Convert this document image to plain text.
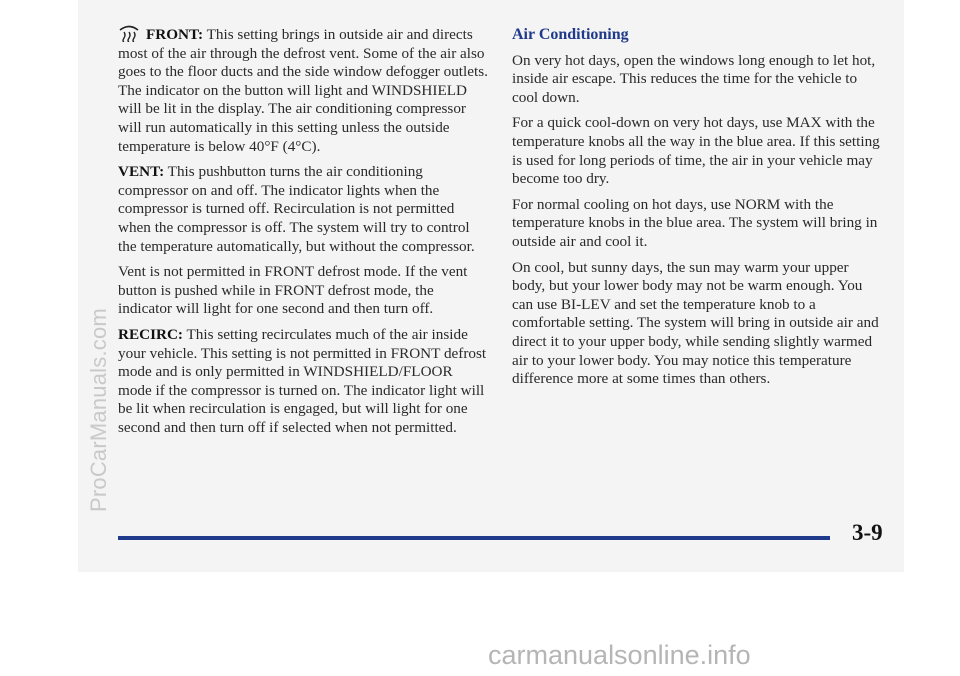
FRONT: This setting brings in outside air and directs most of the air through the defrost vent. Some of the air also goes to the floor ducts and the side window defogger outlets. The indicator on the button will light and WINDSHIELD will be lit in the display. The air conditioning compressor will run automatically in this setting unless the outside temperature is below 40°F (4°C).

VENT: This pushbutton turns the air conditioning compressor on and off. The indicator lights when the compressor is turned off. Recirculation is not permitted when the compressor is off. The system will try to control the temperature automatically, but without the compressor.

Vent is not permitted in FRONT defrost mode. If the vent button is pushed while in FRONT defrost mode, the indicator will light for one second and then turn off.

RECIRC: This setting recirculates much of the air inside your vehicle. This setting is not permitted in FRONT defrost mode and is only permitted in WINDSHIELD/FLOOR mode if the compressor is turned on. The indicator light will be lit when recirculation is engaged, but will light for one second and then turn off if selected when not permitted.

Air Conditioning

On very hot days, open the windows long enough to let hot, inside air escape. This reduces the time for the vehicle to cool down.

For a quick cool-down on very hot days, use MAX with the temperature knobs all the way in the blue area. If this setting is used for long periods of time, the air in your vehicle may become too dry.

For normal cooling on hot days, use NORM with the temperature knobs in the blue area. The system will bring in outside air and cool it.

On cool, but sunny days, the sun may warm your upper body, but your lower body may not be warm enough. You can use BI-LEV and set the temperature knob to a comfortable setting. The system will bring in outside air and direct it to your upper body, while sending slightly warmed air to your lower body. You may notice this temperature difference more at some times than others.

3-9
ProCarManuals.com
carmanualsonline.info
